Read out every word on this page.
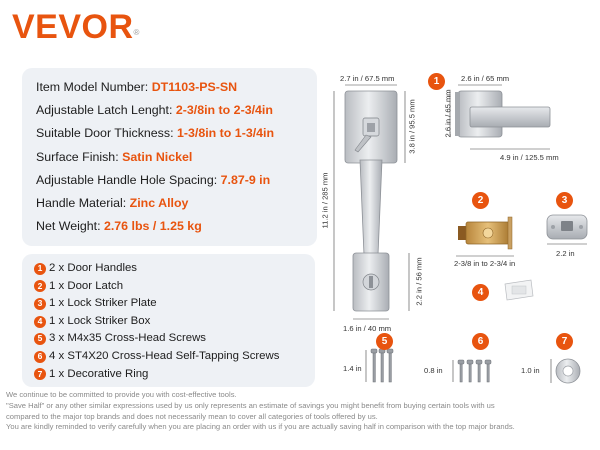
VEVOR®
Item Model Number: DT1103-PS-SN
Adjustable Latch Lenght: 2-3/8in to 2-3/4in
Suitable Door Thickness: 1-3/8in to 1-3/4in
Surface Finish: Satin Nickel
Adjustable Handle Hole Spacing: 7.87-9 in
Handle Material: Zinc Alloy
Net Weight: 2.76 lbs / 1.25 kg
1 2 x Door Handles
2 1 x Door Latch
3 1 x Lock Striker Plate
4 1 x Lock Striker Box
5 3 x M4x35 Cross-Head Screws
6 4 x ST4X20 Cross-Head Self-Tapping Screws
7 1 x Decorative Ring
1
2	3
4
5	6	7
2.7 in / 67.5 mm
3.8 in / 95.5 mm
11.2 in / 285 mm
2.2 in / 56 mm
1.6 in / 40 mm
2.6 in / 65 mm
2.6 in / 65 mm
4.9 in / 125.5 mm
2-3/8 in to 2-3/4 in
2.2 in
1.4 in	0.8 in	1.0 in
We continue to be committed to provide you with cost-effective tools.
"Save Half" or any other similar expressions used by us only represents an estimate of savings you might benefit from buying certain tools with us
compared to the major top brands and does not necessarily mean to cover all categories of tools offered by us.
You are kindly reminded to verify carefully when you are placing an order with us if you are actually saving half in comparison with the top major brands.
